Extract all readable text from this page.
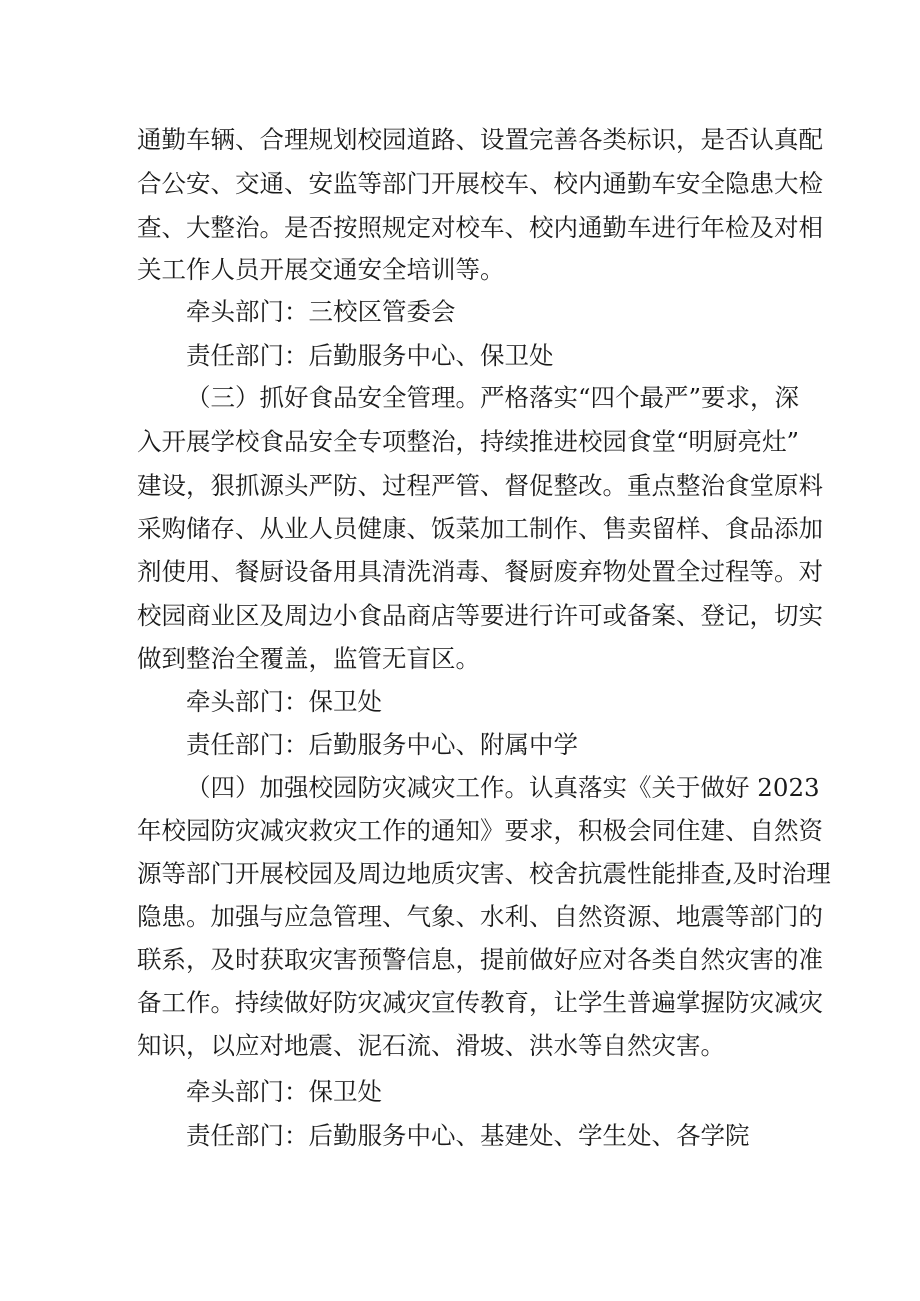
通勤车辆、合理规划校园道路、设置完善各类标识，是否认真配
合公安、交通、安监等部门开展校车、校内通勤车安全隐患大检
查、大整治。是否按照规定对校车、校内通勤车进行年检及对相
关工作人员开展交通安全培训等。
牵头部门：三校区管委会
责任部门：后勤服务中心、保卫处
（三）抓好食品安全管理。严格落实“四个最严”要求，深
入开展学校食品安全专项整治，持续推进校园食堂“明厨亮灶”
建设，狠抓源头严防、过程严管、督促整改。重点整治食堂原料
采购储存、从业人员健康、饭菜加工制作、售卖留样、食品添加
剂使用、餐厨设备用具清洗消毒、餐厨废弃物处置全过程等。对
校园商业区及周边小食品商店等要进行许可或备案、登记，切实
做到整治全覆盖，监管无盲区。
牵头部门：保卫处
责任部门：后勤服务中心、附属中学
（四）加强校园防灾减灾工作。认真落实《关于做好 2023
年校园防灾减灾救灾工作的通知》要求，积极会同住建、自然资
源等部门开展校园及周边地质灾害、校舍抗震性能排查,及时治理
隐患。加强与应急管理、气象、水利、自然资源、地震等部门的
联系，及时获取灾害预警信息，提前做好应对各类自然灾害的准
备工作。持续做好防灾减灾宣传教育，让学生普遍掌握防灾减灾
知识，以应对地震、泥石流、滑坡、洪水等自然灾害。
牵头部门：保卫处
责任部门：后勤服务中心、基建处、学生处、各学院
